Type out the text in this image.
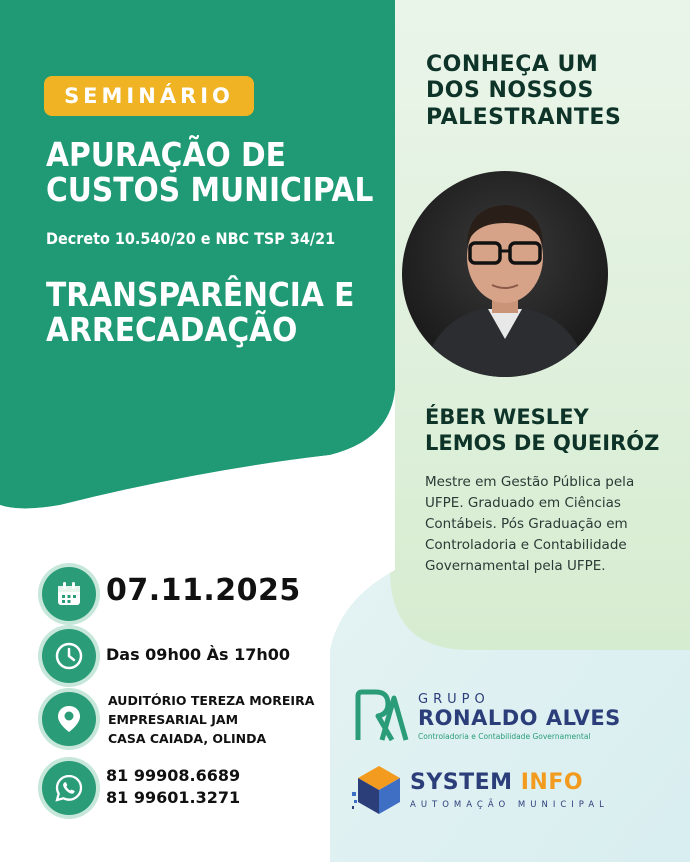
SEMINÁRIO
APURAÇÃO DE
CUSTOS MUNICIPAL
Decreto 10.540/20 e NBC TSP 34/21
TRANSPARÊNCIA E
ARRECADAÇÃO
CONHEÇA UM
DOS NOSSOS
PALESTRANTES
ÉBER WESLEY
LEMOS DE QUEIRÓZ
Mestre em Gestão Pública pela
UFPE. Graduado em Ciências
Contábeis. Pós Graduação em
Controladoria e Contabilidade
Governamental pela UFPE.
07.11.2025
Das 09h00 Às 17h00
AUDITÓRIO TEREZA MOREIRA
EMPRESARIAL JAM
CASA CAIADA, OLINDA
81 99908.6689
81 99601.3271
GRUPO
RONALDO ALVES
Controladoria e Contabilidade Governamental
SYSTEM INFO
AUTOMAÇÃO MUNICIPAL
